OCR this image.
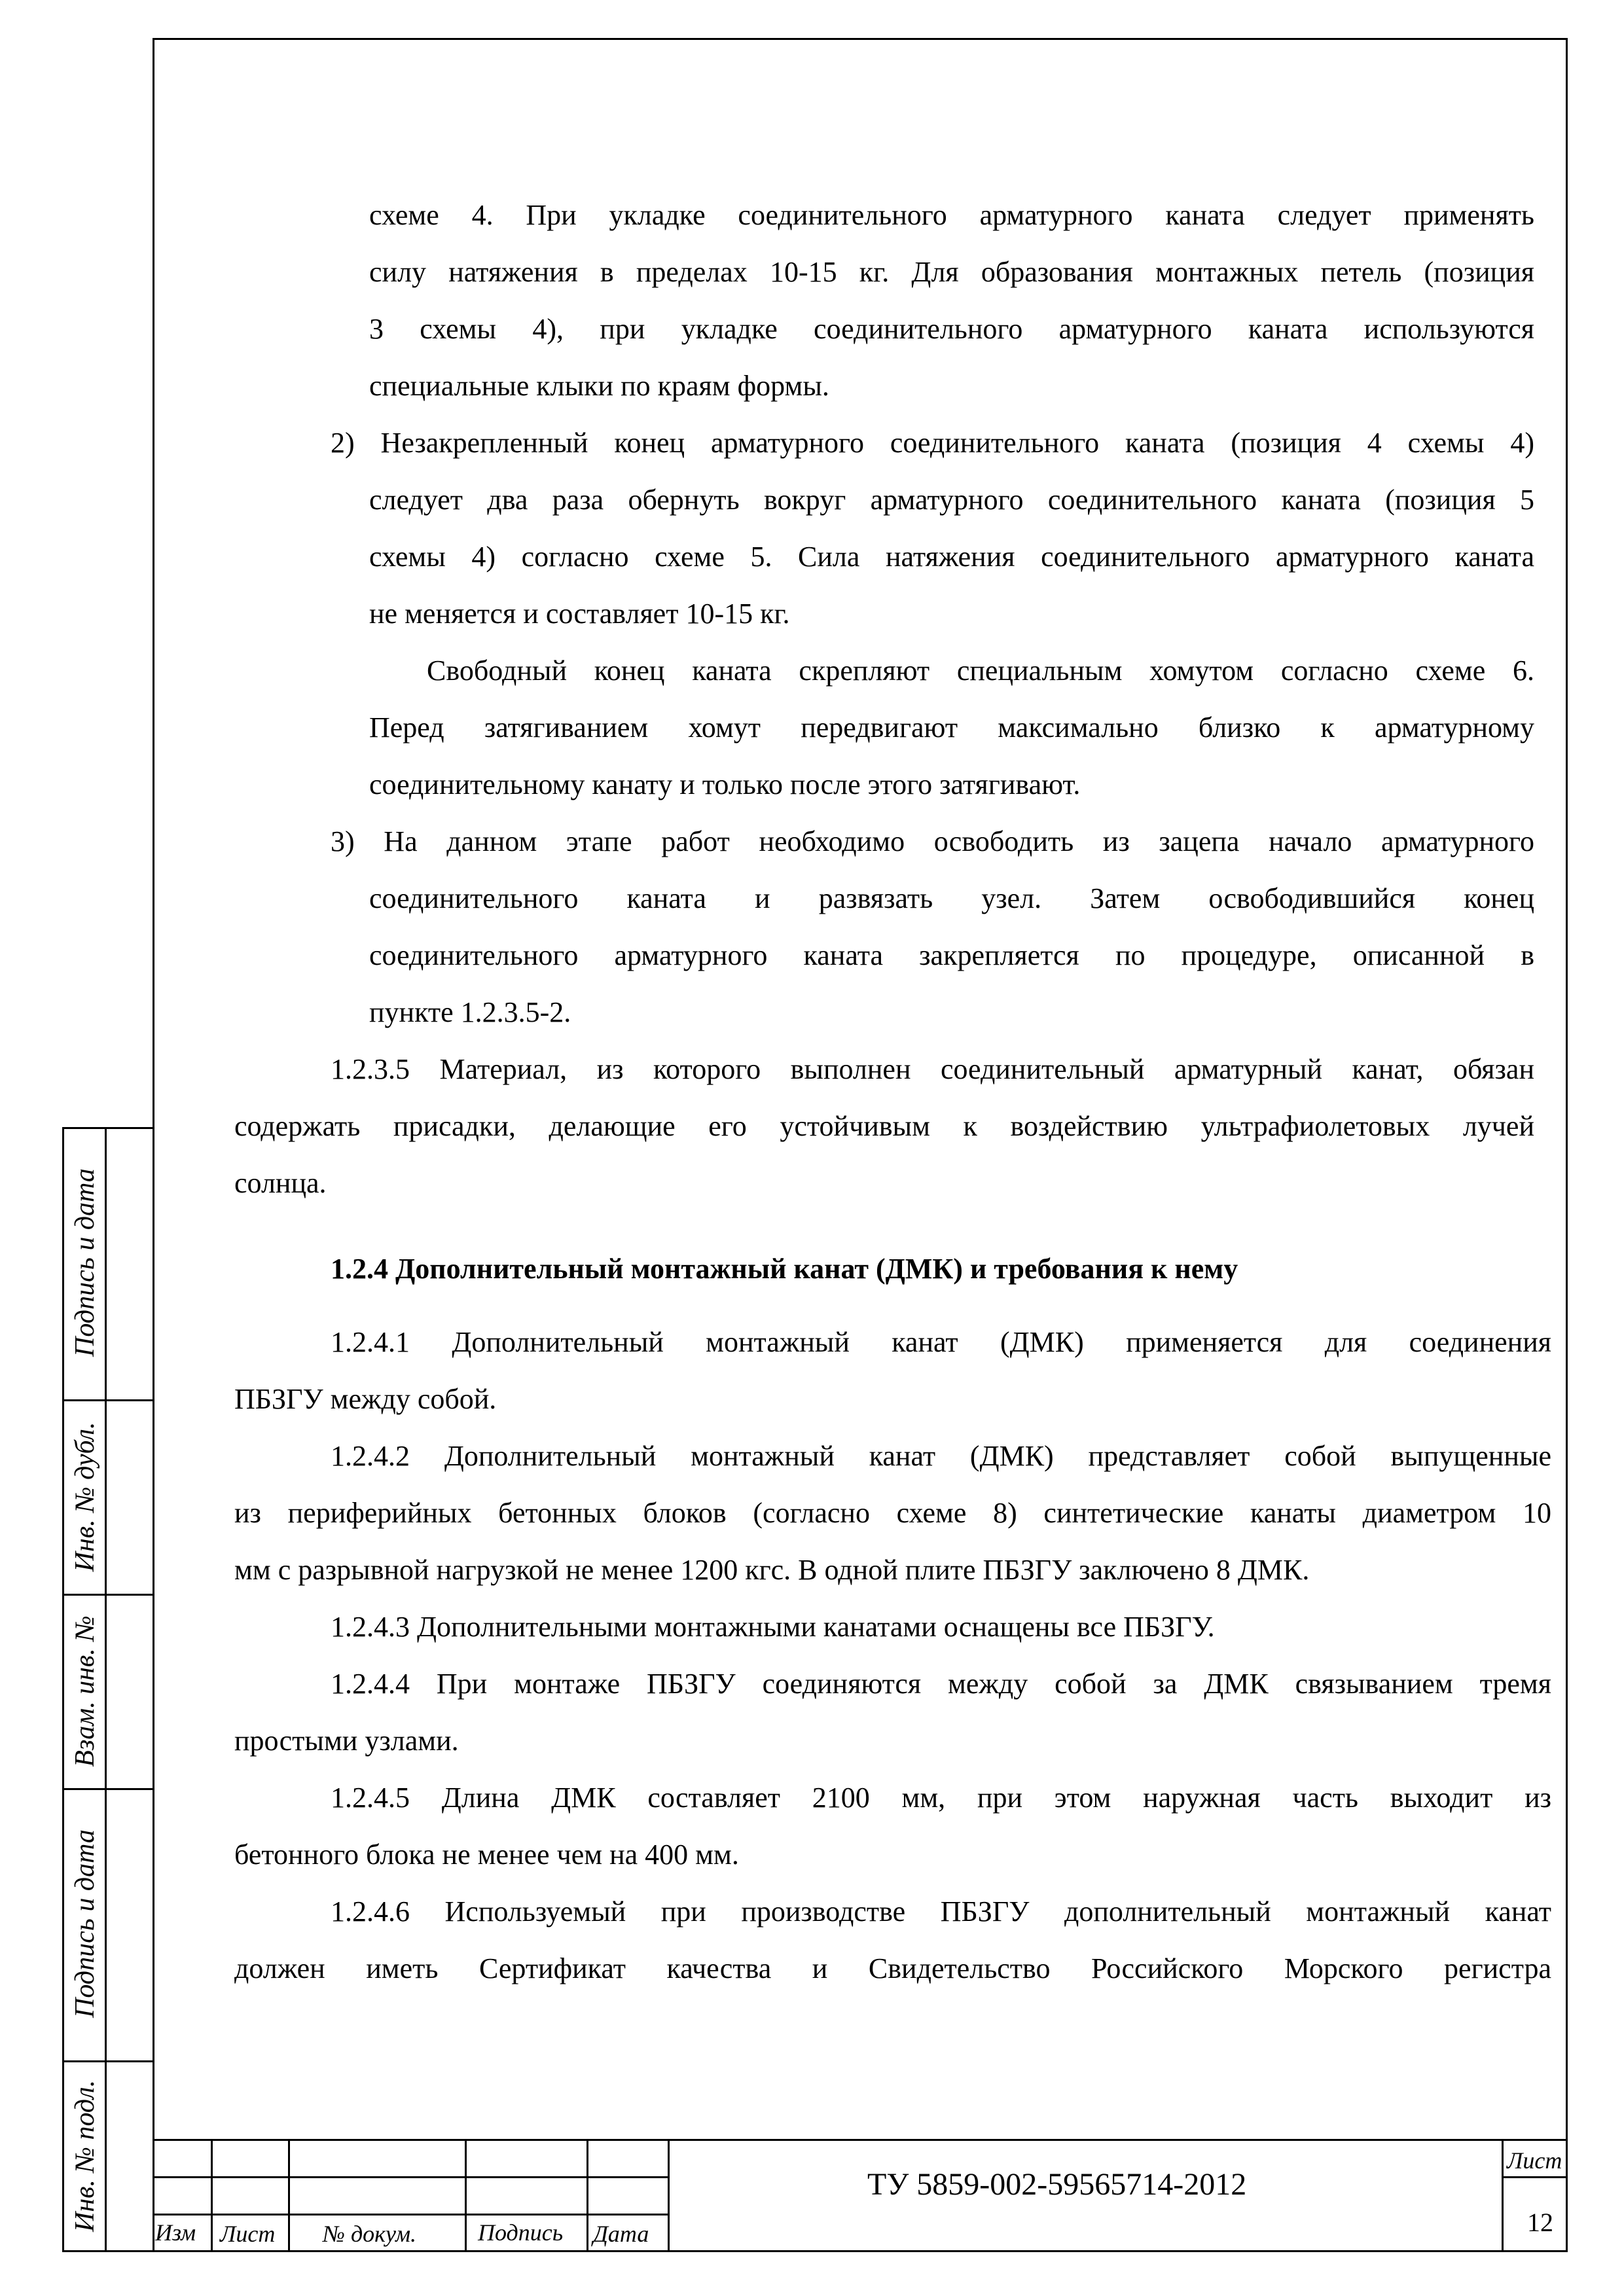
схеме 4. При укладке соединительного арматурного каната следует применять
силу натяжения в пределах 10-15 кг. Для образования монтажных петель (позиция
3 схемы 4), при укладке соединительного арматурного каната используются
специальные клыки по краям формы.
2) Незакрепленный конец арматурного соединительного каната (позиция 4 схемы 4)
следует два раза обернуть вокруг арматурного соединительного каната (позиция 5
схемы 4) согласно схеме 5. Сила натяжения соединительного арматурного каната
не меняется и составляет 10-15 кг.
Свободный конец каната скрепляют специальным хомутом согласно схеме 6.
Перед затягиванием хомут передвигают максимально близко к арматурному
соединительному канату и только после этого затягивают.
3) На данном этапе работ необходимо освободить из зацепа начало арматурного
соединительного каната и развязать узел. Затем освободившийся конец
соединительного арматурного каната закрепляется по процедуре, описанной в
пункте 1.2.3.5-2.
1.2.3.5 Материал, из которого выполнен соединительный арматурный канат, обязан
содержать присадки, делающие его устойчивым к воздействию ультрафиолетовых лучей
солнца.
1.2.4 Дополнительный монтажный канат (ДМК) и требования к нему
1.2.4.1 Дополнительный монтажный канат (ДМК) применяется для соединения
ПБЗГУ между собой.
1.2.4.2 Дополнительный монтажный канат (ДМК) представляет собой выпущенные
из периферийных бетонных блоков (согласно схеме 8) синтетические канаты диаметром 10
мм с разрывной нагрузкой не менее 1200 кгс. В одной плите ПБЗГУ заключено 8 ДМК.
1.2.4.3 Дополнительными монтажными канатами оснащены все ПБЗГУ.
1.2.4.4 При монтаже ПБЗГУ соединяются между собой за ДМК связыванием тремя
простыми узлами.
1.2.4.5 Длина ДМК составляет 2100 мм, при этом наружная часть выходит из
бетонного блока не менее чем на 400 мм.
1.2.4.6 Используемый при производстве ПБЗГУ дополнительный монтажный канат
должен иметь Сертификат качества и Свидетельство Российского Морского регистра
Подпись и дата
Инв. № дубл.
Взам. инв. №
Подпись и дата
Инв. № подл.
Изм Лист № докум.	Подпись Дата
ТУ 5859-002-59565714-2012
Лист
12
